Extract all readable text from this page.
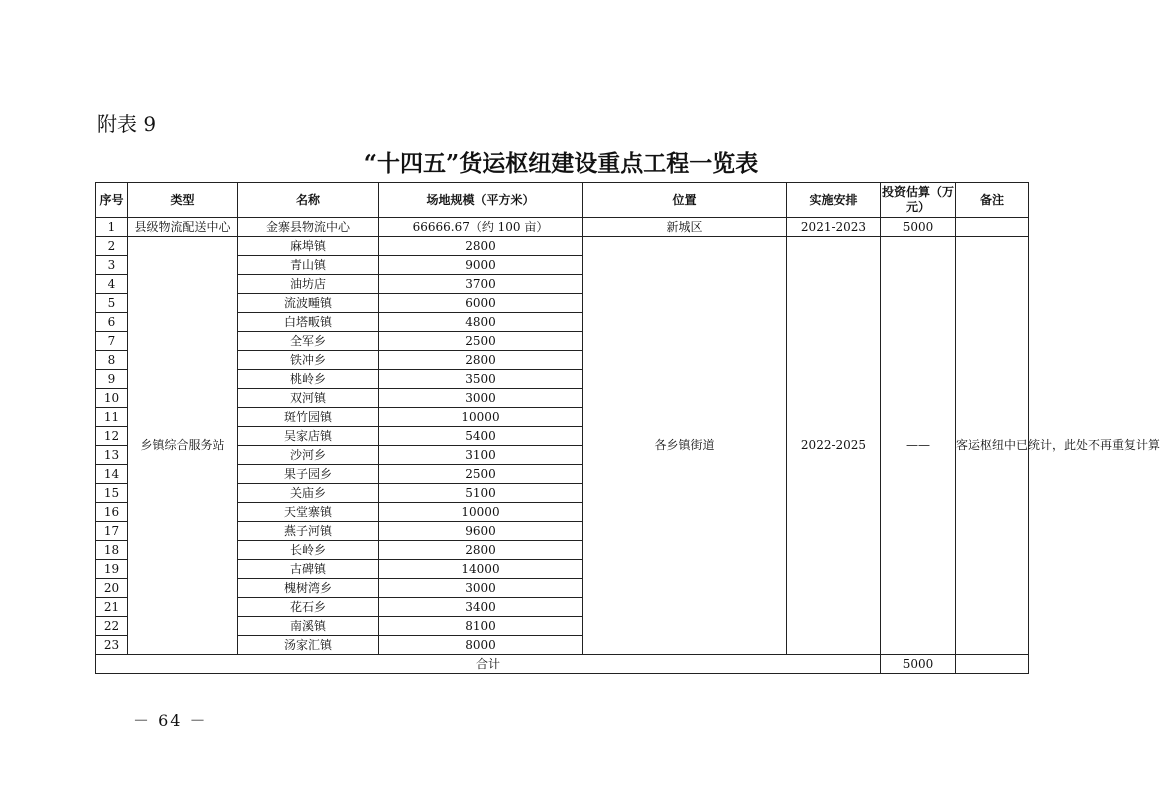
附表 9
“十四五”货运枢纽建设重点工程一览表
序号	类型	名称	场地规模（平方米）	位置	实施安排	投资估算（万元）	备注
1	县级物流配送中心	金寨县物流中心	66666.67（约 100 亩）	新城区	2021-2023	5000	
2	乡镇综合服务站	麻埠镇	2800	各乡镇街道	2022-2025	——	客运枢纽中已统计，此处不再重复计算
3		青山镇	9000				
4		油坊店	3700				
5		流波畽镇	6000				
6		白塔畈镇	4800				
7		全军乡	2500				
8		铁冲乡	2800				
9		桃岭乡	3500				
10		双河镇	3000				
11		斑竹园镇	10000				
12		吴家店镇	5400				
13		沙河乡	3100				
14		果子园乡	2500				
15		关庙乡	5100				
16		天堂寨镇	10000				
17		燕子河镇	9600				
18		长岭乡	2800				
19		古碑镇	14000				
20		槐树湾乡	3000				
21		花石乡	3400				
22		南溪镇	8100				
23		汤家汇镇	8000				
合计						5000	
－ 64 －
